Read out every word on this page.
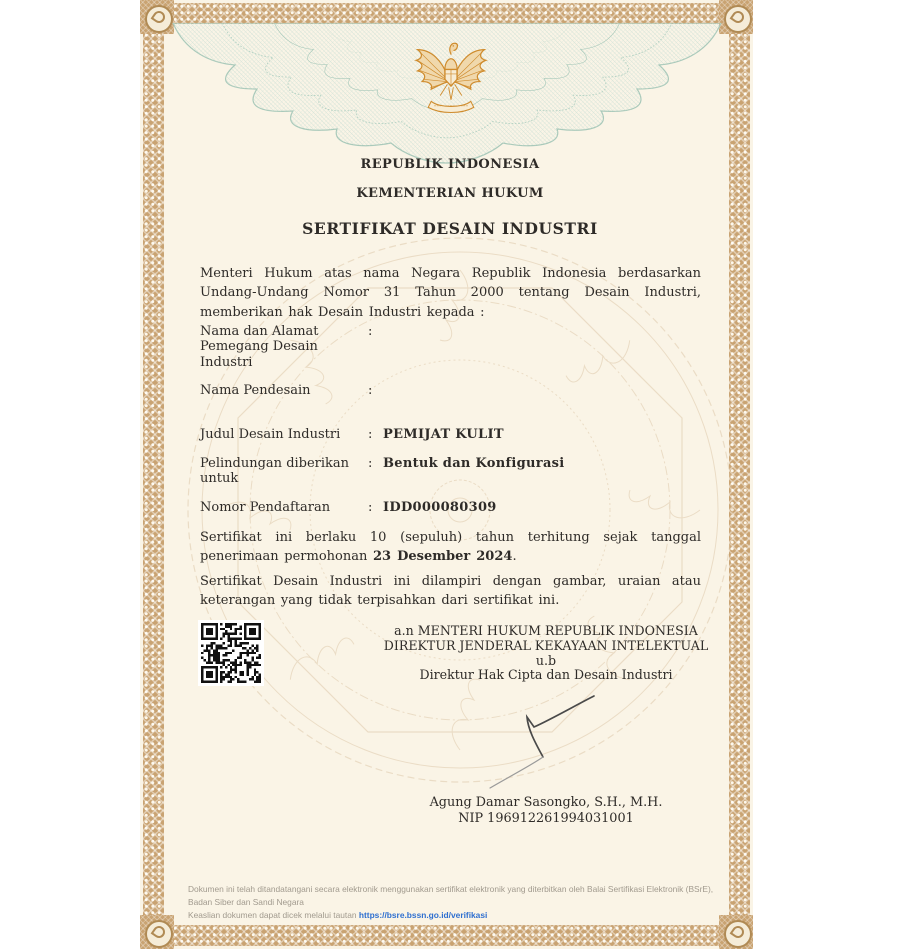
REPUBLIK INDONESIA
KEMENTERIAN HUKUM
SERTIFIKAT DESAIN INDUSTRI

Menteri Hukum atas nama Negara Republik Indonesia berdasarkan Undang-Undang Nomor 31 Tahun 2000 tentang Desain Industri, memberikan hak Desain Industri kepada :

Nama dan Alamat
Pemegang Desain
Industri
:
Nama Pendesain	:
Judul Desain Industri	: PEMIJAT KULIT
Pelindungan diberikan
untuk
: Bentuk dan Konfigurasi
Nomor Pendaftaran	: IDD000080309

Sertifikat ini berlaku 10 (sepuluh) tahun terhitung sejak tanggal penerimaan permohonan 23 Desember 2024.

Sertifikat Desain Industri ini dilampiri dengan gambar, uraian atau keterangan yang tidak terpisahkan dari sertifikat ini.

a.n MENTERI HUKUM REPUBLIK INDONESIA
DIREKTUR JENDERAL KEKAYAAN INTELEKTUAL
u.b
Direktur Hak Cipta dan Desain Industri
Agung Damar Sasongko, S.H., M.H.
NIP 196912261994031001
Dokumen ini telah ditandatangani secara elektronik menggunakan sertifikat elektronik yang diterbitkan oleh Balai Sertifikasi Elektronik (BSrE), Badan Siber dan Sandi Negara
Keaslian dokumen dapat dicek melalui tautan https://bsre.bssn.go.id/verifikasi
